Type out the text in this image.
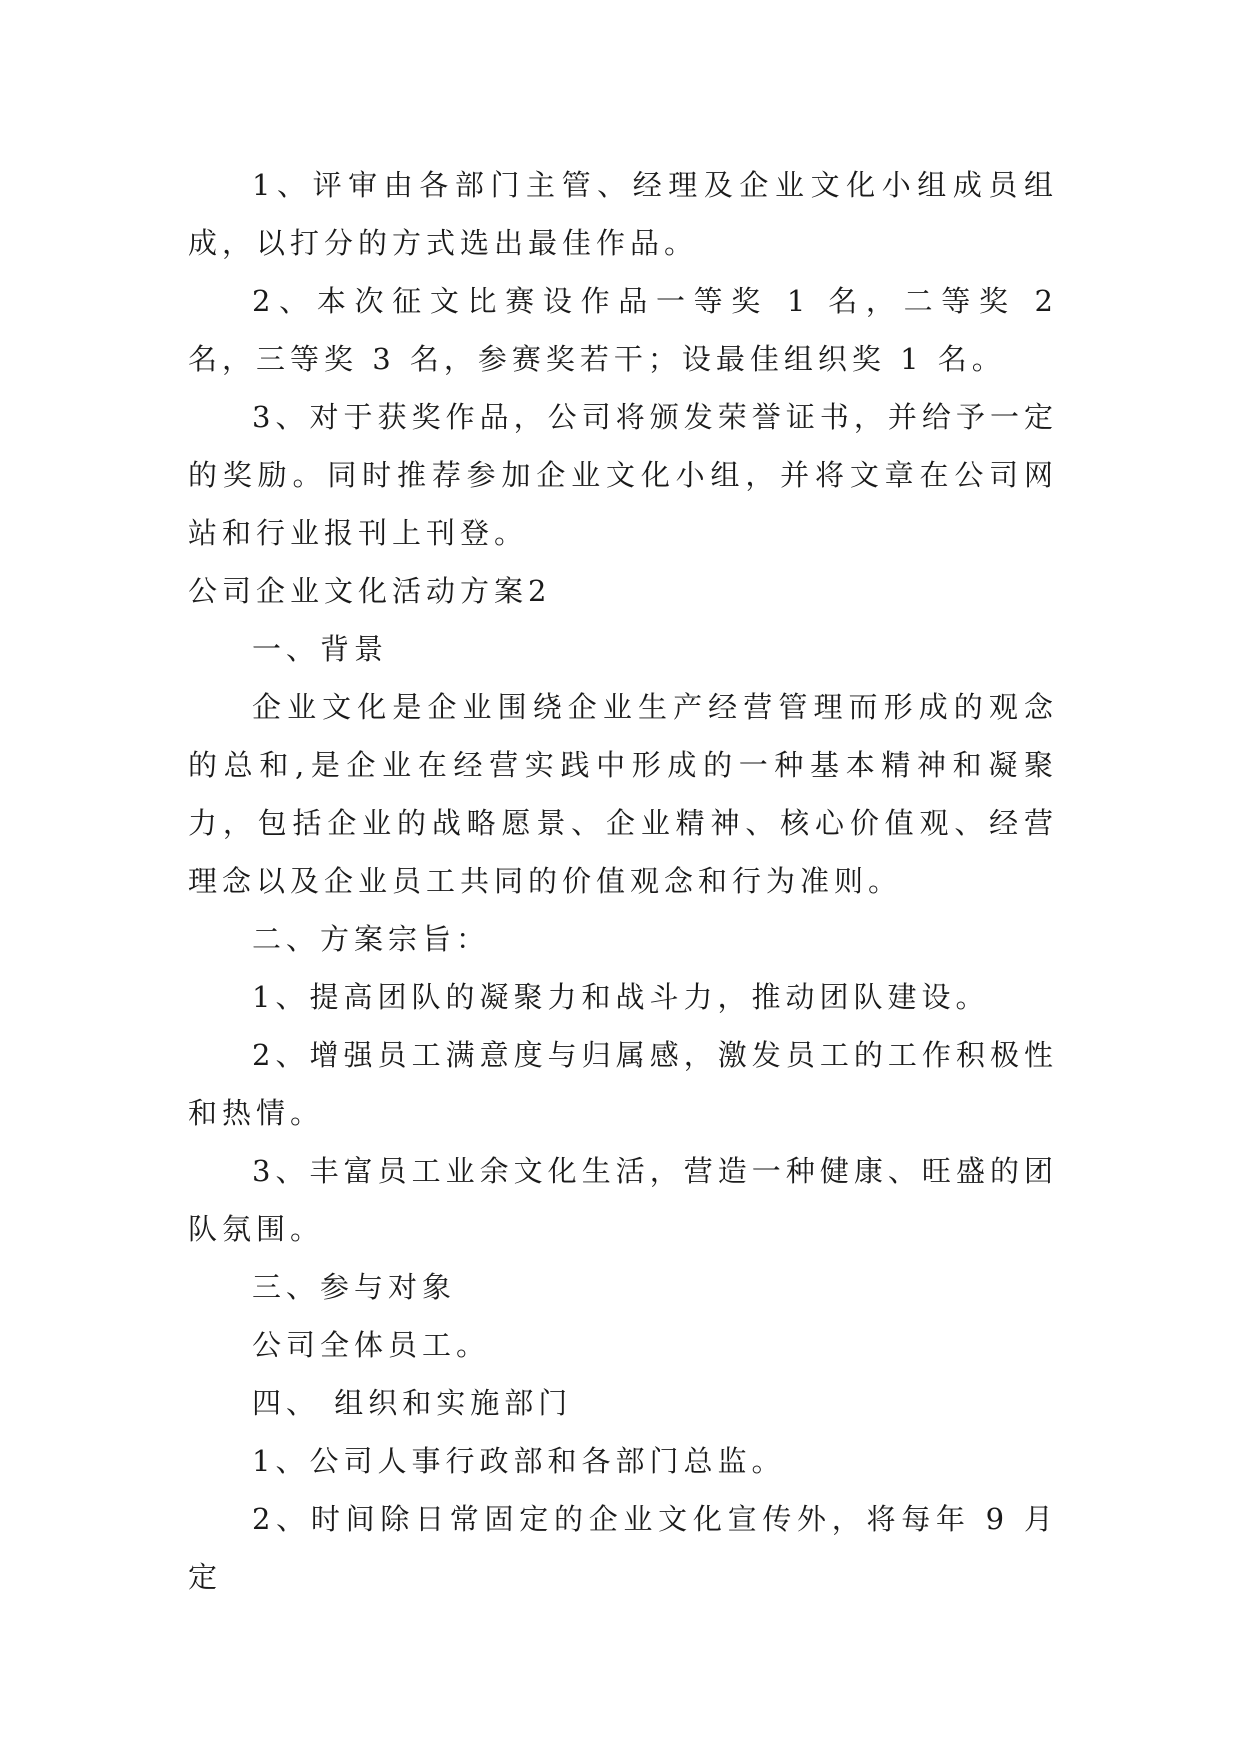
1、评审由各部门主管、经理及企业文化小组成员组成，以打分的方式选出最佳作品。

2、本次征文比赛设作品一等奖 1 名，二等奖 2 名，三等奖 3 名，参赛奖若干；设最佳组织奖 1 名。

3、对于获奖作品，公司将颁发荣誉证书，并给予一定的奖励。同时推荐参加企业文化小组，并将文章在公司网站和行业报刊上刊登。

公司企业文化活动方案2

一、背景

企业文化是企业围绕企业生产经营管理而形成的观念的总和,是企业在经营实践中形成的一种基本精神和凝聚力，包括企业的战略愿景、企业精神、核心价值观、经营理念以及企业员工共同的价值观念和行为准则。

二、方案宗旨：

1、提高团队的凝聚力和战斗力，推动团队建设。

2、增强员工满意度与归属感，激发员工的工作积极性和热情。

3、丰富员工业余文化生活，营造一种健康、旺盛的团队氛围。

三、参与对象

公司全体员工。

四、 组织和实施部门

1、公司人事行政部和各部门总监。

2、时间除日常固定的企业文化宣传外，将每年 9 月定
